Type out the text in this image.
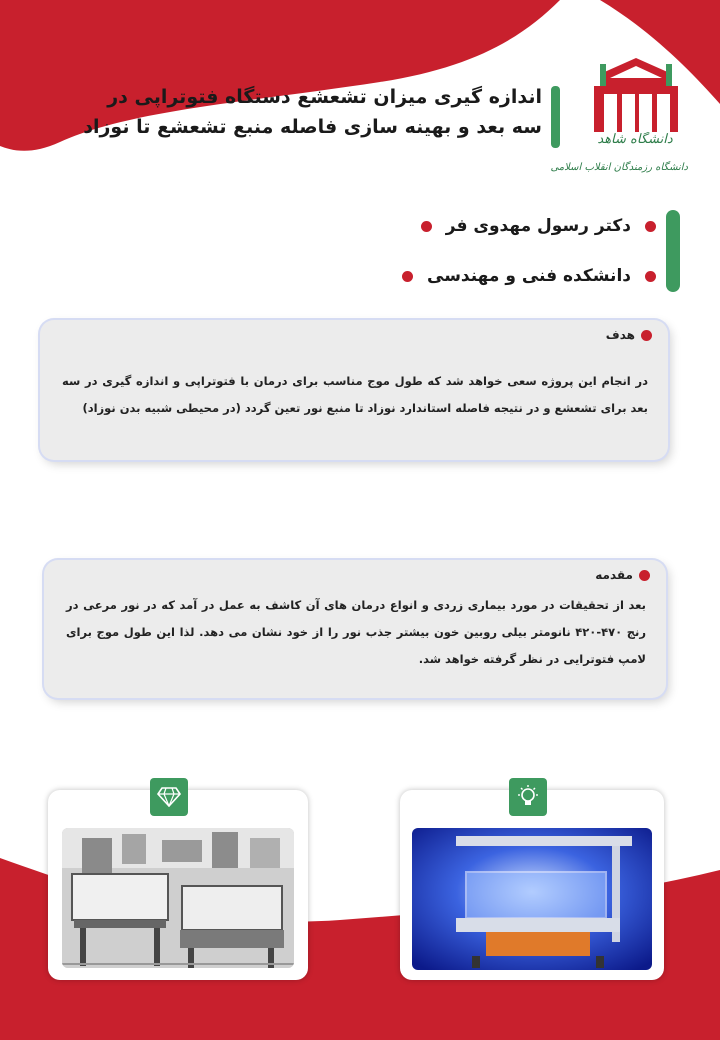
دانشگاه شاهد
دانشگاه رزمندگان انقلاب اسلامی
اندازه گیری میزان تشعشع دستگاه فتوتراپی در
سه بعد و بهینه سازی فاصله منبع تشعشع تا نوزاد
دکتر رسول مهدوی فر
دانشکده فنی و مهندسی
هدف
در انجام این پروژه سعی خواهد شد که طول موج مناسب برای درمان با فتوتراپی و اندازه گیری در سه بعد برای تشعشع و در نتیجه فاصله استاندارد نوزاد تا منبع نور تعین گردد (در محیطی شبیه بدن نوزاد)
مقدمه
بعد از تحقیقات در مورد بیماری زردی و انواع درمان های آن کاشف به عمل در آمد که در نور مرعی در رنج ۴۷۰-۴۲۰ نانومتر بیلی روبین خون بیشتر جذب نور را از خود نشان می دهد. لذا این طول موج برای لامپ فتوترایی در نظر گرفته خواهد شد.
